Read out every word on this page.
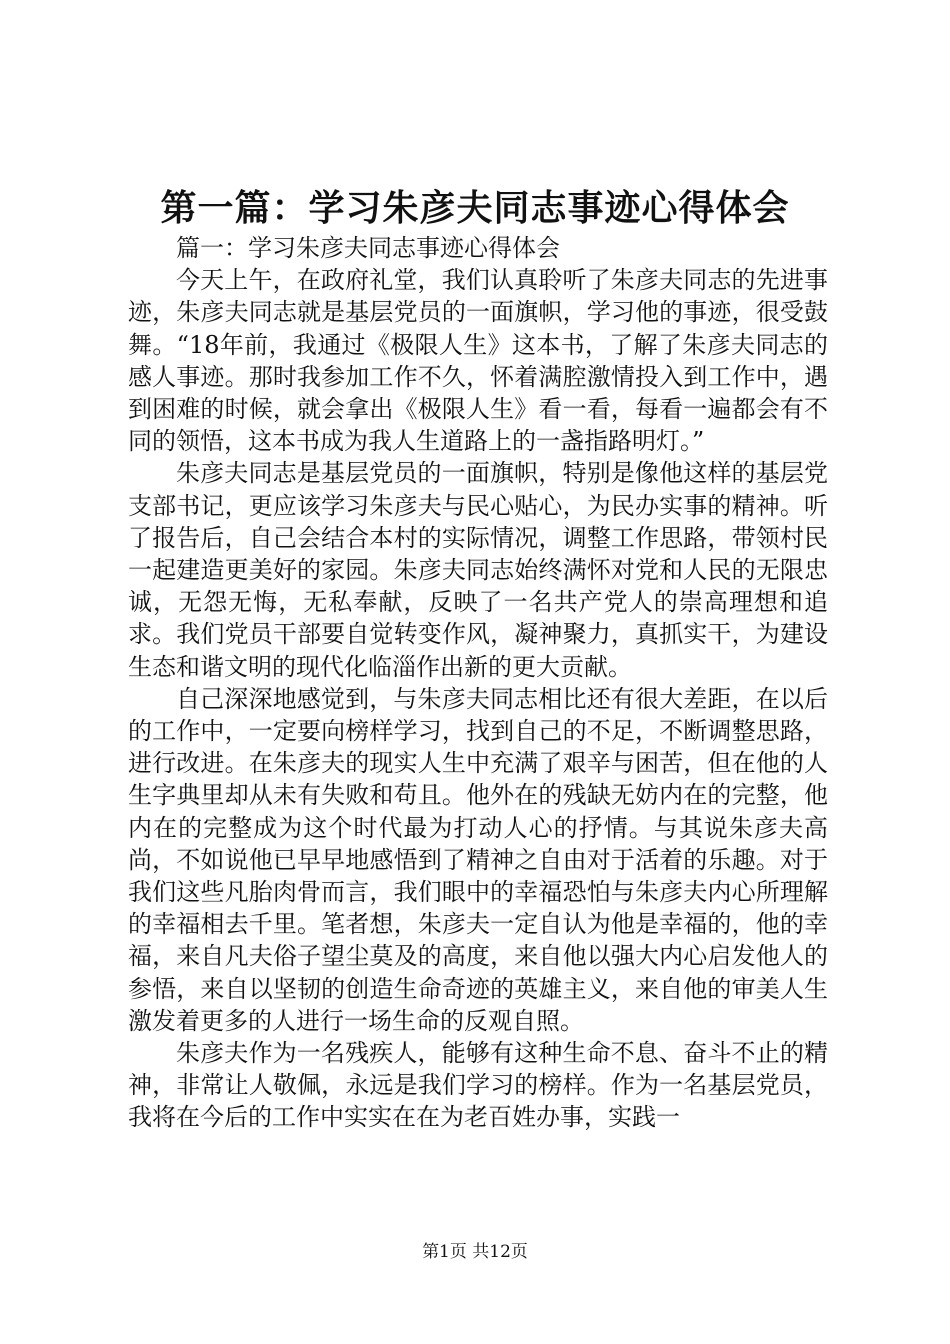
第一篇：学习朱彦夫同志事迹心得体会

篇一：学习朱彦夫同志事迹心得体会

今天上午，在政府礼堂，我们认真聆听了朱彦夫同志的先进事迹，朱彦夫同志就是基层党员的一面旗帜，学习他的事迹，很受鼓舞。“18年前，我通过《极限人生》这本书，了解了朱彦夫同志的感人事迹。那时我参加工作不久，怀着满腔激情投入到工作中，遇到困难的时候，就会拿出《极限人生》看一看，每看一遍都会有不同的领悟，这本书成为我人生道路上的一盏指路明灯。”

朱彦夫同志是基层党员的一面旗帜，特别是像他这样的基层党支部书记，更应该学习朱彦夫与民心贴心，为民办实事的精神。听了报告后，自己会结合本村的实际情况，调整工作思路，带领村民一起建造更美好的家园。朱彦夫同志始终满怀对党和人民的无限忠诚，无怨无悔，无私奉献，反映了一名共产党人的崇高理想和追求。我们党员干部要自觉转变作风，凝神聚力，真抓实干，为建设生态和谐文明的现代化临淄作出新的更大贡献。

自己深深地感觉到，与朱彦夫同志相比还有很大差距，在以后的工作中，一定要向榜样学习，找到自己的不足，不断调整思路，进行改进。在朱彦夫的现实人生中充满了艰辛与困苦，但在他的人生字典里却从未有失败和苟且。他外在的残缺无妨内在的完整，他内在的完整成为这个时代最为打动人心的抒情。与其说朱彦夫高尚，不如说他已早早地感悟到了精神之自由对于活着的乐趣。对于我们这些凡胎肉骨而言，我们眼中的幸福恐怕与朱彦夫内心所理解的幸福相去千里。笔者想，朱彦夫一定自认为他是幸福的，他的幸福，来自凡夫俗子望尘莫及的高度，来自他以强大内心启发他人的参悟，来自以坚韧的创造生命奇迹的英雄主义，来自他的审美人生激发着更多的人进行一场生命的反观自照。

朱彦夫作为一名残疾人，能够有这种生命不息、奋斗不止的精神，非常让人敬佩，永远是我们学习的榜样。作为一名基层党员，我将在今后的工作中实实在在为老百姓办事，实践一

第1页 共12页
